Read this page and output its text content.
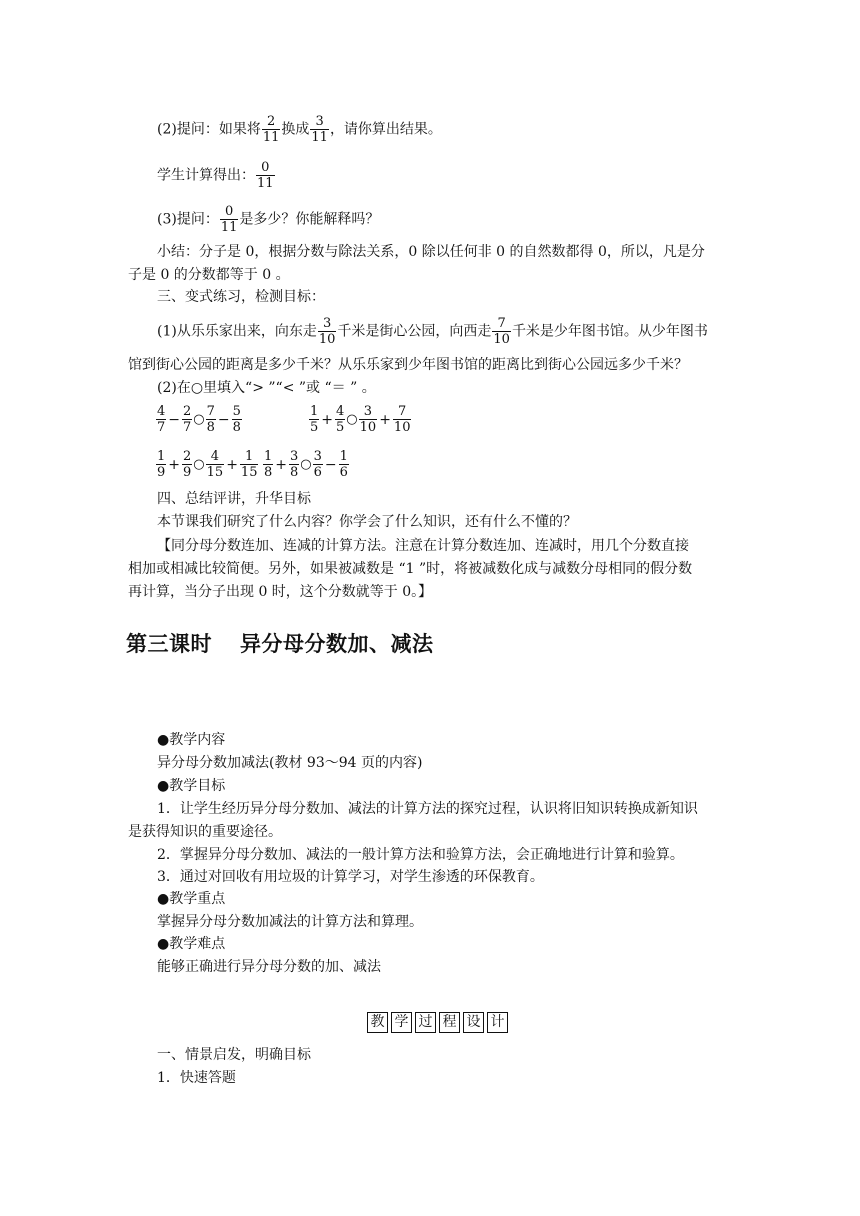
(2)提问：如果将 $\frac{2}{11}$ 换成 $\frac{3}{11}$ ，请你算出结果。
学生计算得出： $\frac{0}{11}$
(3)提问： $\frac{0}{11}$ 是多少？你能解释吗？
小结：分子是 0，根据分数与除法关系，0 除以任何非 0 的自然数都得 0，所以，凡是分
子是 0 的分数都等于 0 。
三、变式练习，检测目标：
(1)从乐乐家出来，向东走 $\frac{3}{10}$ 千米是街心公园，向西走 $\frac{7}{10}$ 千米是少年图书馆。从少年图书
馆到街心公园的距离是多少千米？从乐乐家到少年图书馆的距离比到街心公园远多少千米？
(2)在○里填入“> ”“< ”或 “＝ ” 。
$\frac{4}{7} - \frac{2}{7}$ ○ $\frac{7}{8} - \frac{5}{8}$	$\frac{1}{5} + \frac{4}{5}$ ○ $\frac{3}{10} + \frac{7}{10}$
$\frac{1}{9} + \frac{2}{9}$ ○ $\frac{4}{15} + \frac{1}{15} \frac{1}{8} + \frac{3}{8}$ ○ $\frac{3}{6} - \frac{1}{6}$
四、总结评讲，升华目标
本节课我们研究了什么内容？你学会了什么知识，还有什么不懂的？
【同分母分数连加、连减的计算方法。注意在计算分数连加、连减时，用几个分数直接
相加或相减比较简便。另外，如果被减数是 “1 ”时，将被减数化成与减数分母相同的假分数
再计算，当分子出现 0 时，这个分数就等于 0。】
第三课时 异分母分数加、减法
●教学内容
异分母分数加减法(教材 93～94 页的内容)
●教学目标
1．让学生经历异分母分数加、减法的计算方法的探究过程，认识将旧知识转换成新知识
是获得知识的重要途径。
2．掌握异分母分数加、减法的一般计算方法和验算方法，会正确地进行计算和验算。
3．通过对回收有用垃圾的计算学习，对学生渗透的环保教育。
●教学重点
掌握异分母分数加减法的计算方法和算理。
●教学难点
能够正确进行异分母分数的加、减法
教 学 过 程 设 计
一、情景启发，明确目标
1．快速答题
